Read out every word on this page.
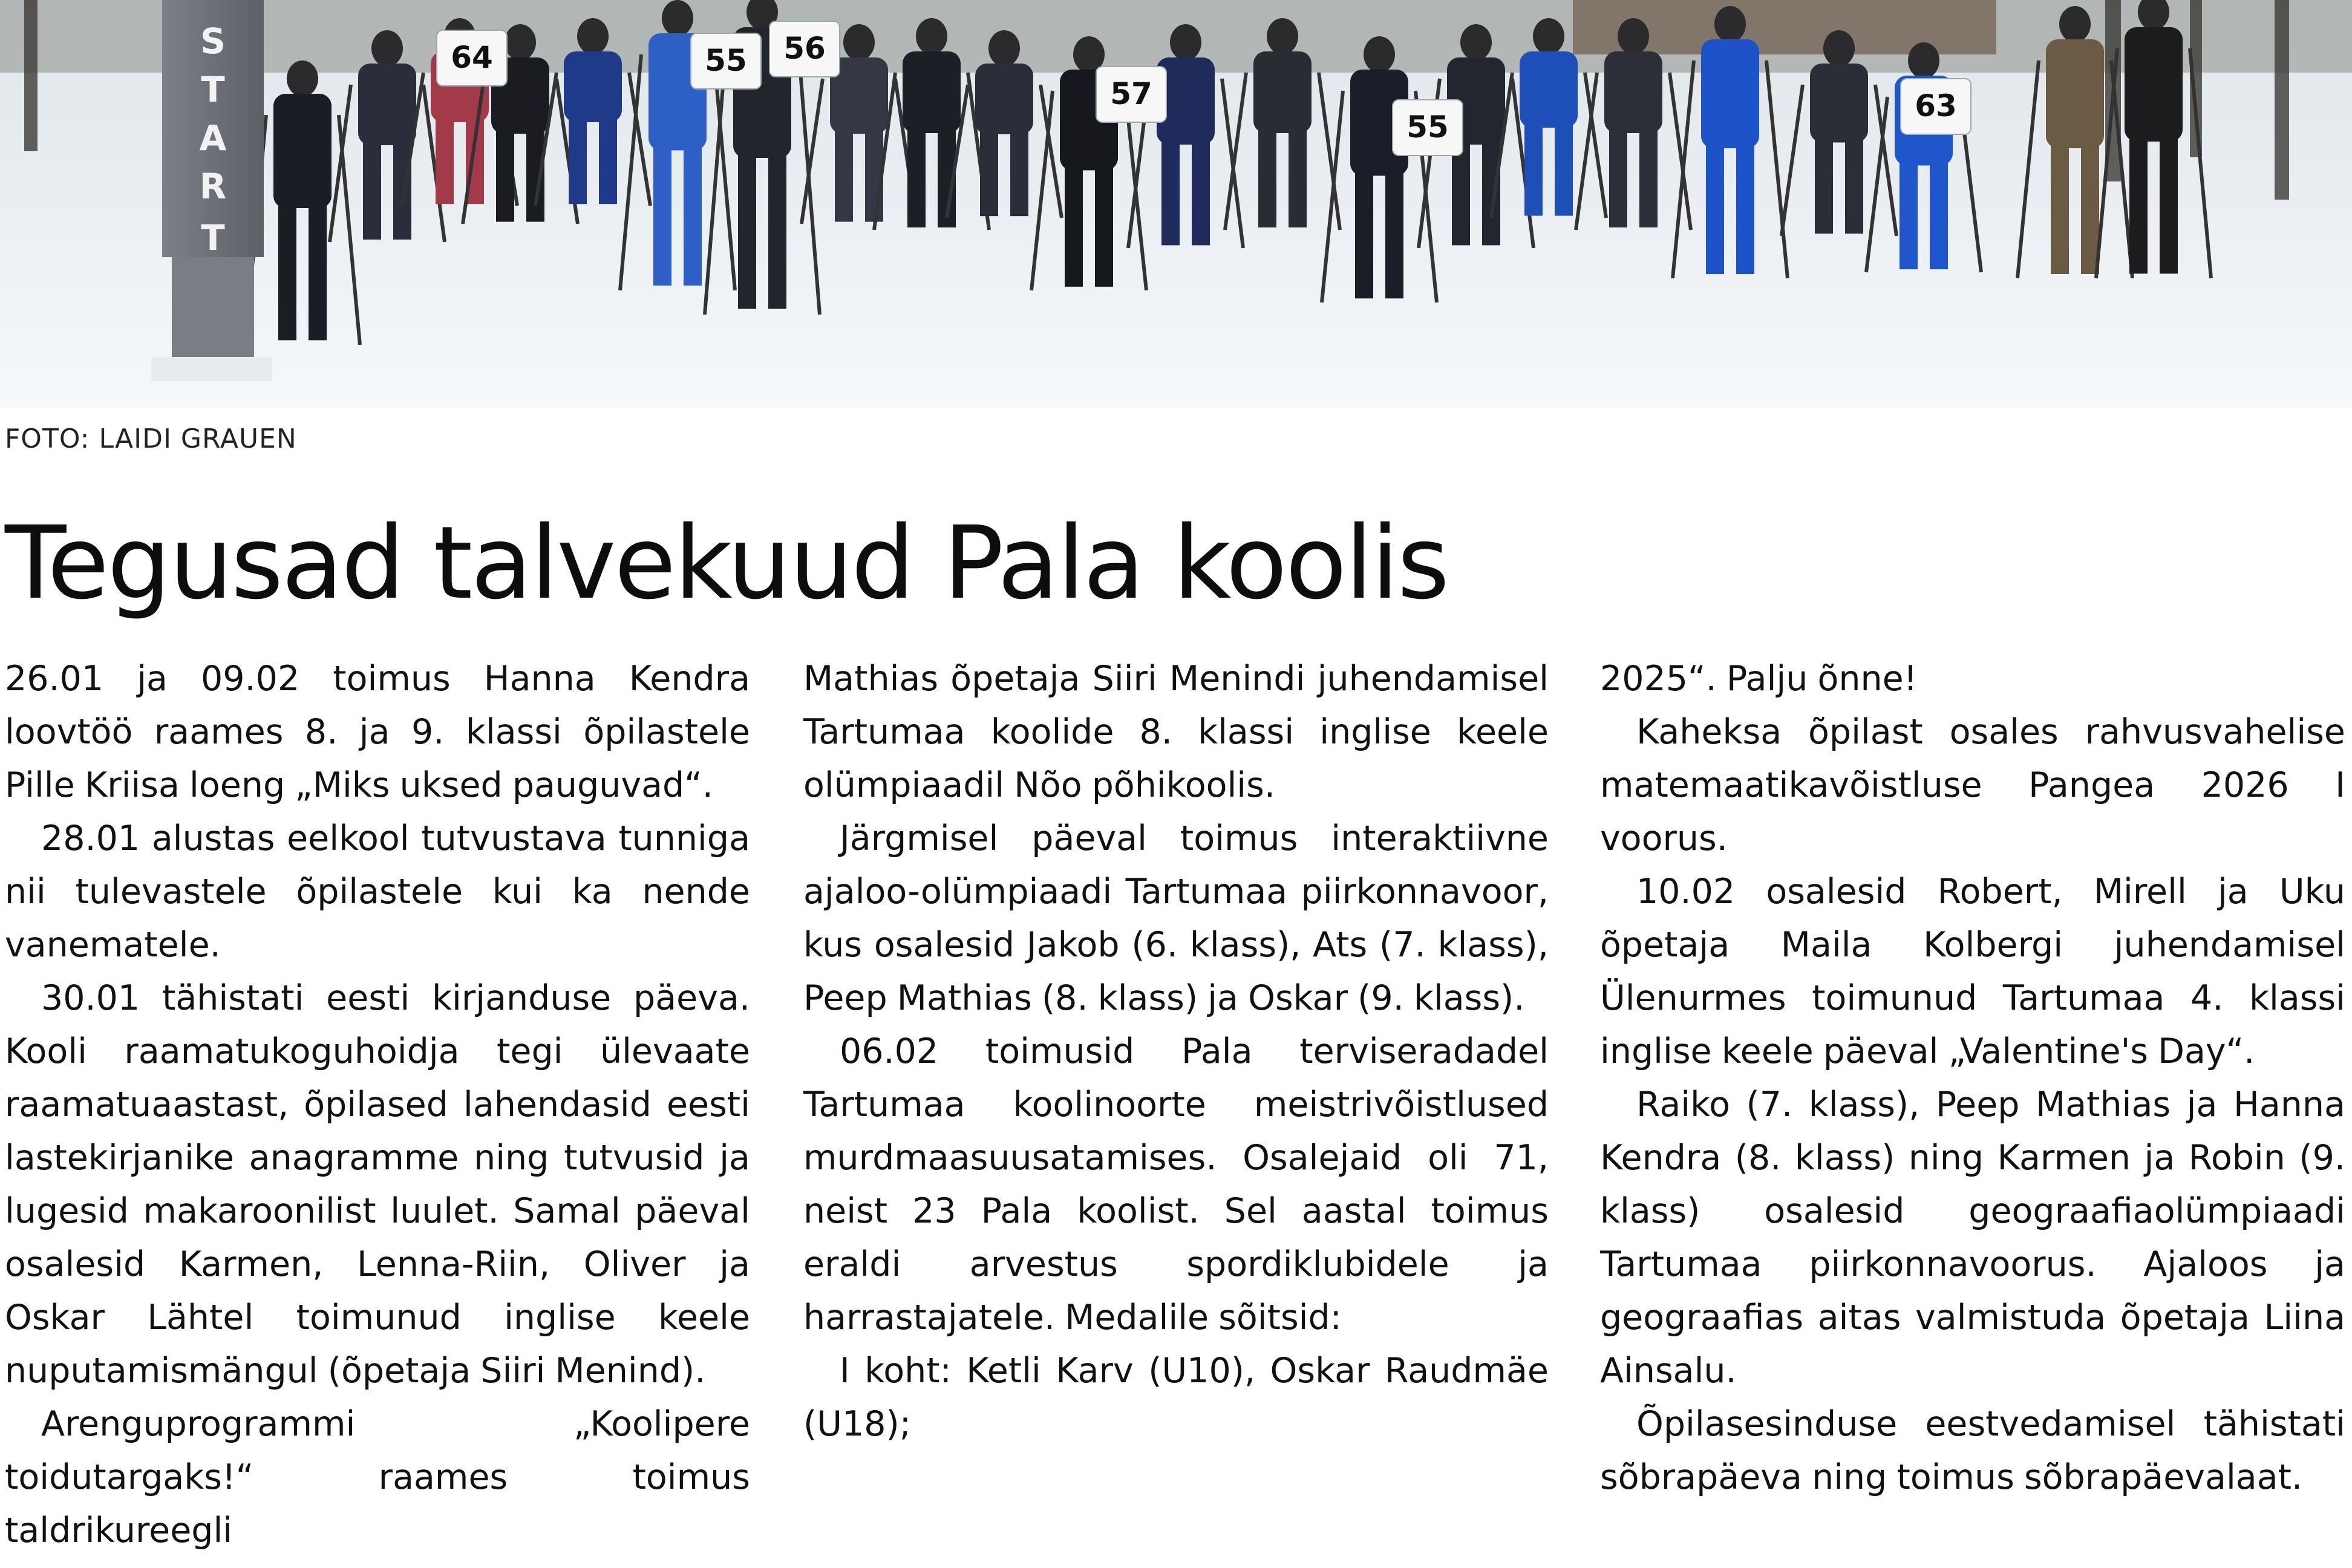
S
T
A
R
T
64	55 56
57
55
63
FOTO: LAIDI GRAUEN
Tegusad talvekuud Pala koolis

26.01 ja 09.02 toimus Hanna Kendra loovtöö raames 8. ja 9. klassi õpilastele Pille Kriisa loeng „Miks uksed pauguvad“.

28.01 alustas eelkool tutvustava tunniga nii tulevastele õpilastele kui ka nende vanematele.

30.01 tähistati eesti kirjanduse päeva. Kooli raamatukoguhoidja tegi ülevaate raamatuaastast, õpilased lahendasid eesti lastekirjanike anagramme ning tutvusid ja lugesid makaroonilist luulet. Samal päeval osalesid Karmen, Lenna-Riin, Oliver ja Oskar Lähtel toimunud inglise keele nuputamismängul (õpetaja Siiri Menind).

Arenguprogrammi „Koolipere toidutargaks!“ raames toimus taldrikureegli

Mathias õpetaja Siiri Menindi juhendamisel Tartumaa koolide 8. klassi inglise keele olümpiaadil Nõo põhikoolis.

Järgmisel päeval toimus interaktiivne ajaloo-olümpiaadi Tartumaa piirkonnavoor, kus osalesid Jakob (6. klass), Ats (7. klass), Peep Mathias (8. klass) ja Oskar (9. klass).

06.02 toimusid Pala terviseradadel Tartumaa koolinoorte meistrivõistlused murdmaasuusatamises. Osalejaid oli 71, neist 23 Pala koolist. Sel aastal toimus eraldi arvestus spordiklubidele ja harrastajatele. Medalile sõitsid:

I koht: Ketli Karv (U10), Oskar Raudmäe (U18);

2025“. Palju õnne!

Kaheksa õpilast osales rahvusvahelise matemaatikavõistluse Pangea 2026 I voorus.

10.02 osalesid Robert, Mirell ja Uku õpetaja Maila Kolbergi juhendamisel Ülenurmes toimunud Tartumaa 4. klassi inglise keele päeval „Valentine's Day“.

Raiko (7. klass), Peep Mathias ja Hanna Kendra (8. klass) ning Karmen ja Robin (9. klass) osalesid geograafiaolümpiaadi Tartumaa piirkonnavoorus. Ajaloos ja geograafias aitas valmistuda õpetaja Liina Ainsalu.

Õpilasesinduse eestvedamisel tähistati sõbrapäeva ning toimus sõbrapäevalaat.
